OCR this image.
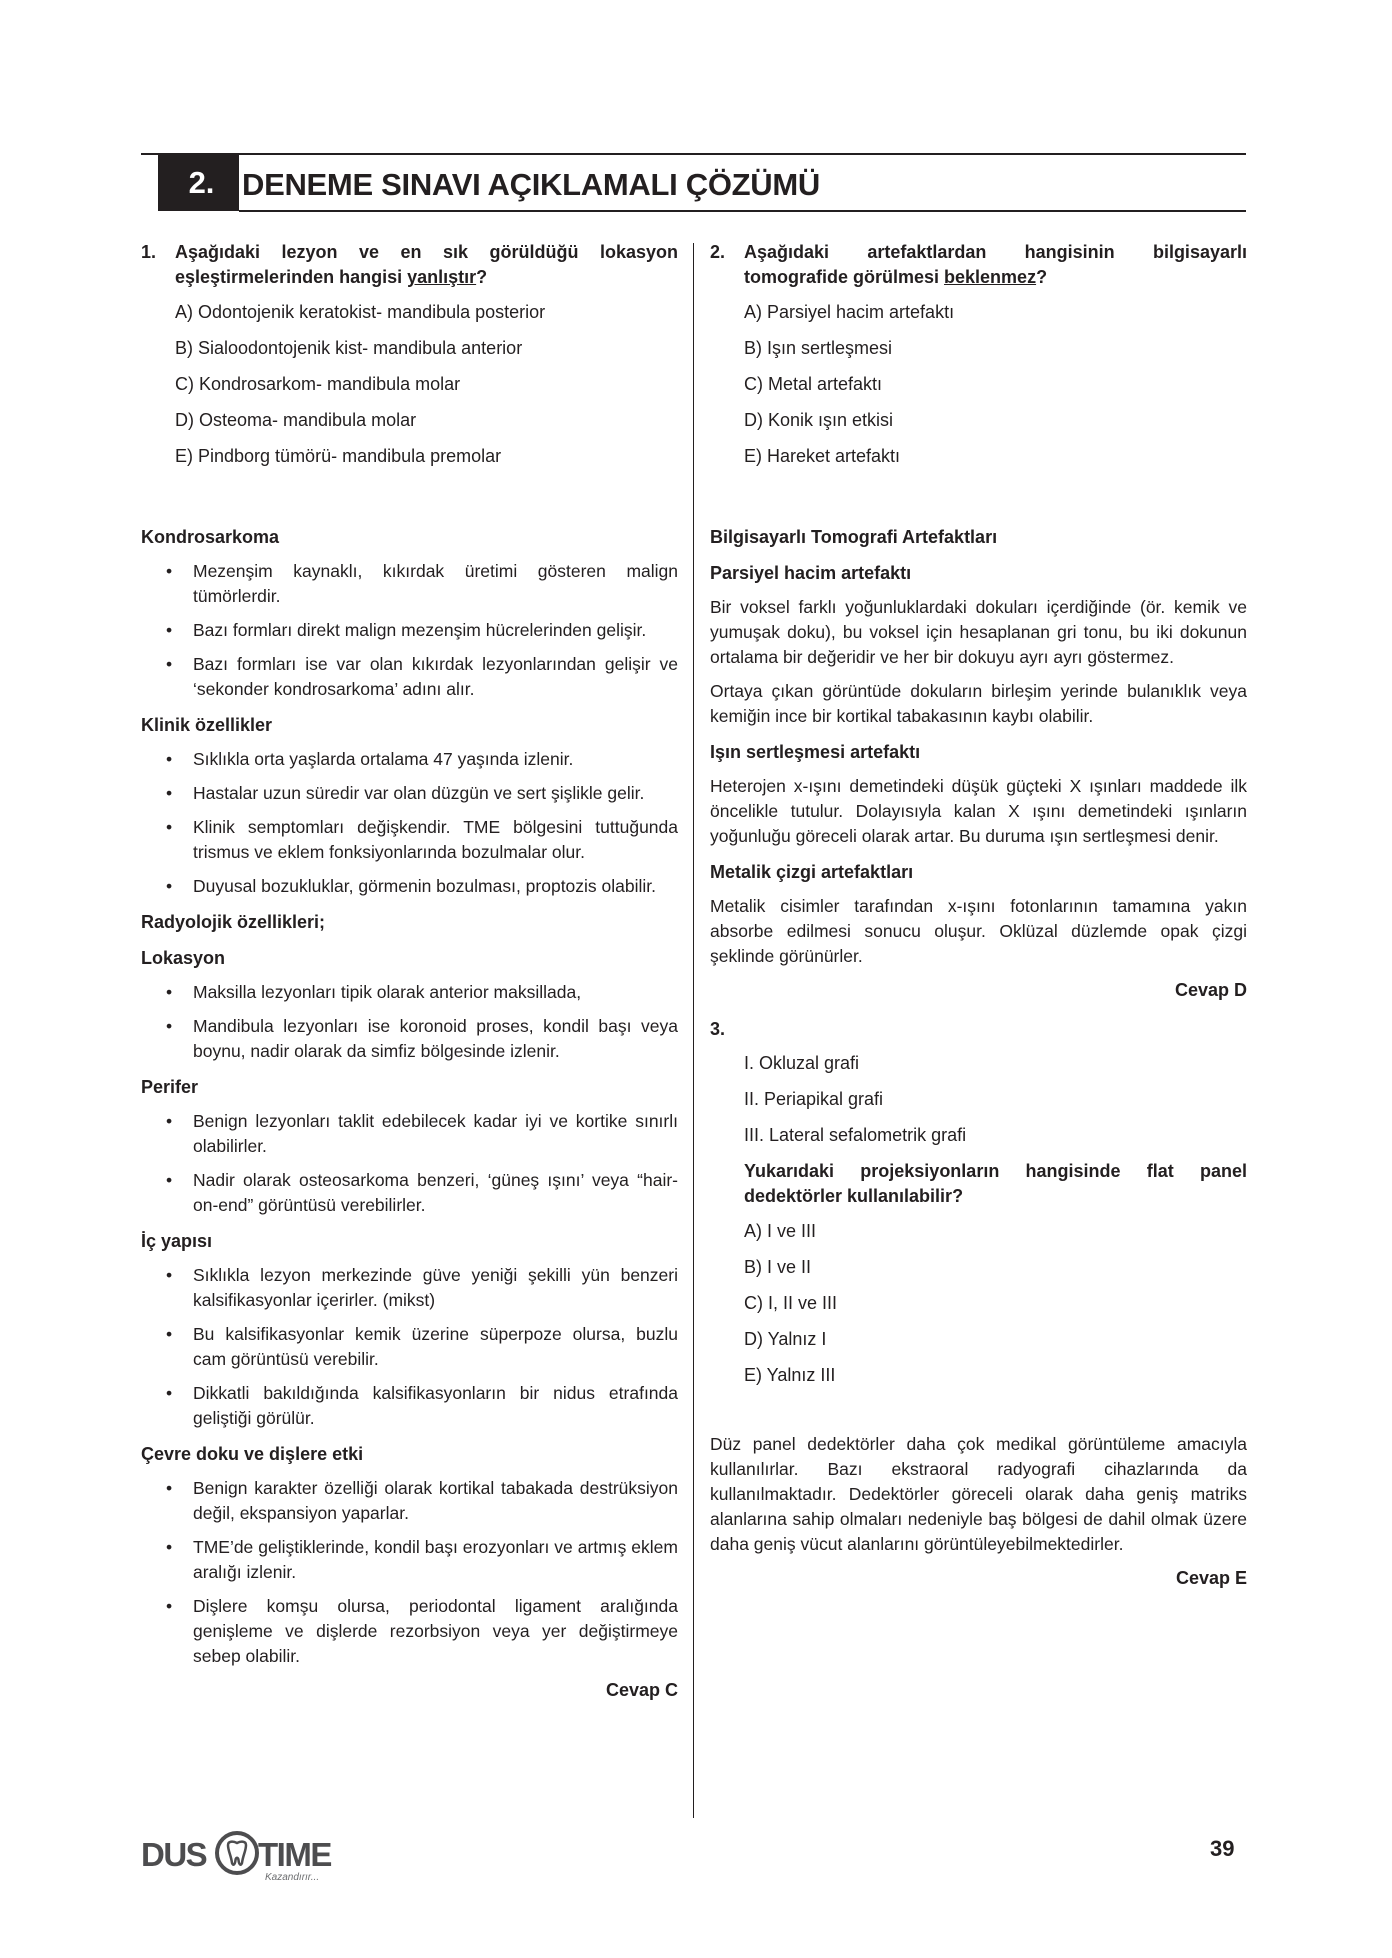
2. DENEME SINAVI AÇIKLAMALI ÇÖZÜMÜ
1.	Aşağıdaki lezyon ve en sık görüldüğü lokasyon eşleştirmelerinden hangisi yanlıştır?
A) Odontojenik keratokist- mandibula posterior
B) Sialoodontojenik kist- mandibula anterior
C) Kondrosarkom- mandibula molar
D) Osteoma- mandibula molar
E) Pindborg tümörü- mandibula premolar
Kondrosarkoma
• Mezenşim kaynaklı, kıkırdak üretimi gösteren malign tümörlerdir.
• Bazı formları direkt malign mezenşim hücrelerinden gelişir.
• Bazı formları ise var olan kıkırdak lezyonlarından gelişir ve ‘sekonder kondrosarkoma’ adını alır.
Klinik özellikler
• Sıklıkla orta yaşlarda ortalama 47 yaşında izlenir.
• Hastalar uzun süredir var olan düzgün ve sert şişlikle gelir.
• Klinik semptomları değişkendir. TME bölgesini tuttuğunda trismus ve eklem fonksiyonlarında bozulmalar olur.
• Duyusal bozukluklar, görmenin bozulması, proptozis olabilir.
Radyolojik özellikleri;
Lokasyon
• Maksilla lezyonları tipik olarak anterior maksillada,
• Mandibula lezyonları ise koronoid proses, kondil başı veya boynu, nadir olarak da simfiz bölgesinde izlenir.
Perifer
• Benign lezyonları taklit edebilecek kadar iyi ve kortike sınırlı olabilirler.
• Nadir olarak osteosarkoma benzeri, ‘güneş ışını’ veya “hair-on-end” görüntüsü verebilirler.
İç yapısı
• Sıklıkla lezyon merkezinde güve yeniği şekilli yün benzeri kalsifikasyonlar içerirler. (mikst)
• Bu kalsifikasyonlar kemik üzerine süperpoze olursa, buzlu cam görüntüsü verebilir.
• Dikkatli bakıldığında kalsifikasyonların bir nidus etrafında geliştiği görülür.
Çevre doku ve dişlere etki
• Benign karakter özelliği olarak kortikal tabakada destrüksiyon değil, ekspansiyon yaparlar.
• TME’de geliştiklerinde, kondil başı erozyonları ve artmış eklem aralığı izlenir.
• Dişlere komşu olursa, periodontal ligament aralığında genişleme ve dişlerde rezorbsiyon veya yer değiştirmeye sebep olabilir.
Cevap C
2.	Aşağıdaki artefaktlardan hangisinin bilgisayarlı tomografide görülmesi beklenmez?
A) Parsiyel hacim artefaktı
B) Işın sertleşmesi
C) Metal artefaktı
D) Konik ışın etkisi
E) Hareket artefaktı
Bilgisayarlı Tomografi Artefaktları
Parsiyel hacim artefaktı
Bir voksel farklı yoğunluklardaki dokuları içerdiğinde (ör. kemik ve yumuşak doku), bu voksel için hesaplanan gri tonu, bu iki dokunun ortalama bir değeridir ve her bir dokuyu ayrı ayrı göstermez.
Ortaya çıkan görüntüde dokuların birleşim yerinde bulanıklık veya kemiğin ince bir kortikal tabakasının kaybı olabilir.
Işın sertleşmesi artefaktı
Heterojen x-ışını demetindeki düşük güçteki X ışınları maddede ilk öncelikle tutulur. Dolayısıyla kalan X ışını demetindeki ışınların yoğunluğu göreceli olarak artar. Bu duruma ışın sertleşmesi denir.
Metalik çizgi artefaktları
Metalik cisimler tarafından x-ışını fotonlarının tamamına yakın absorbe edilmesi sonucu oluşur. Oklüzal düzlemde opak çizgi şeklinde görünürler.
Cevap D
3.
I. Okluzal grafi
II. Periapikal grafi
III. Lateral sefalometrik grafi
Yukarıdaki projeksiyonların hangisinde flat panel dedektörler kullanılabilir?
A) I ve III
B) I ve II
C) I, II ve III
D) Yalnız I
E) Yalnız III
Düz panel dedektörler daha çok medikal görüntüleme amacıyla kullanılırlar. Bazı ekstraoral radyografi cihazlarında da kullanılmaktadır. Dedektörler göreceli olarak daha geniş matriks alanlarına sahip olmaları nedeniyle baş bölgesi de dahil olmak üzere daha geniş vücut alanlarını görüntüleyebilmektedirler.
Cevap E
DUS TIME
Kazandırır...
39
